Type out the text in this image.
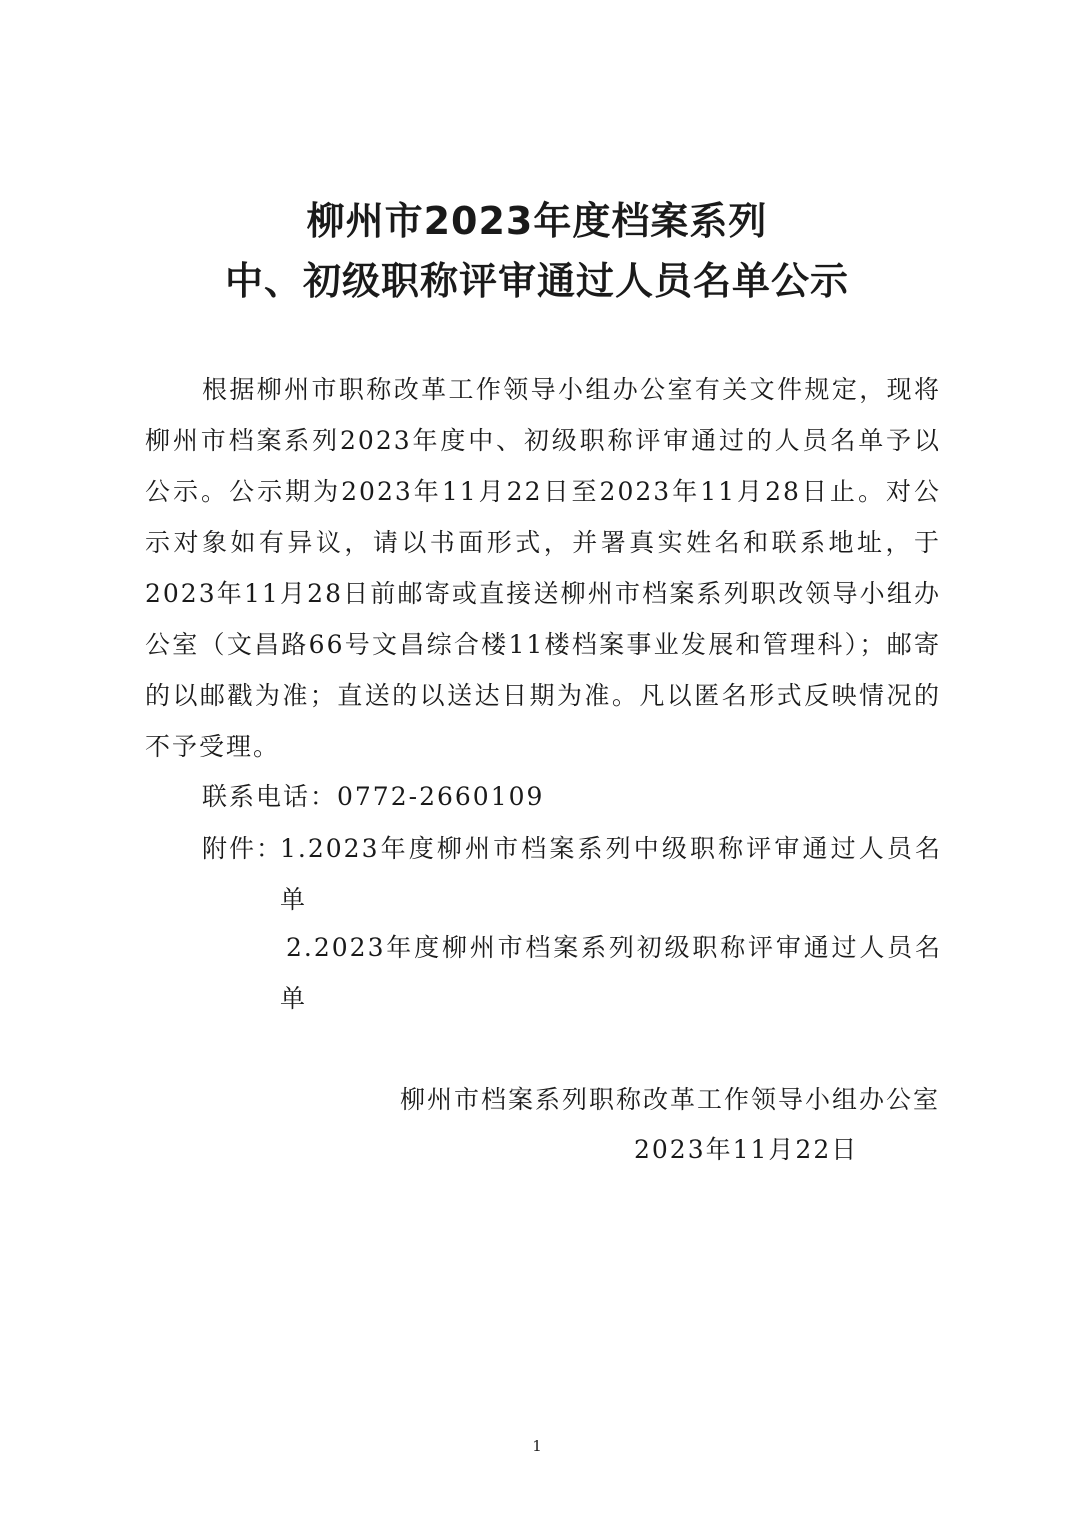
柳州市2023年度档案系列
中、初级职称评审通过人员名单公示

根据柳州市职称改革工作领导小组办公室有关文件规定，现将柳州市档案系列2023年度中、初级职称评审通过的人员名单予以公示。公示期为2023年11月22日至2023年11月28日止。对公示对象如有异议，请以书面形式，并署真实姓名和联系地址，于2023年11月28日前邮寄或直接送柳州市档案系列职改领导小组办公室（文昌路66号文昌综合楼11楼档案事业发展和管理科）；邮寄的以邮戳为准；直送的以送达日期为准。凡以匿名形式反映情况的不予受理。

联系电话：0772-2660109

附件：

1.2023年度柳州市档案系列中级职称评审通过人员名单

2.2023年度柳州市档案系列初级职称评审通过人员名单

柳州市档案系列职称改革工作领导小组办公室

2023年11月22日

1
